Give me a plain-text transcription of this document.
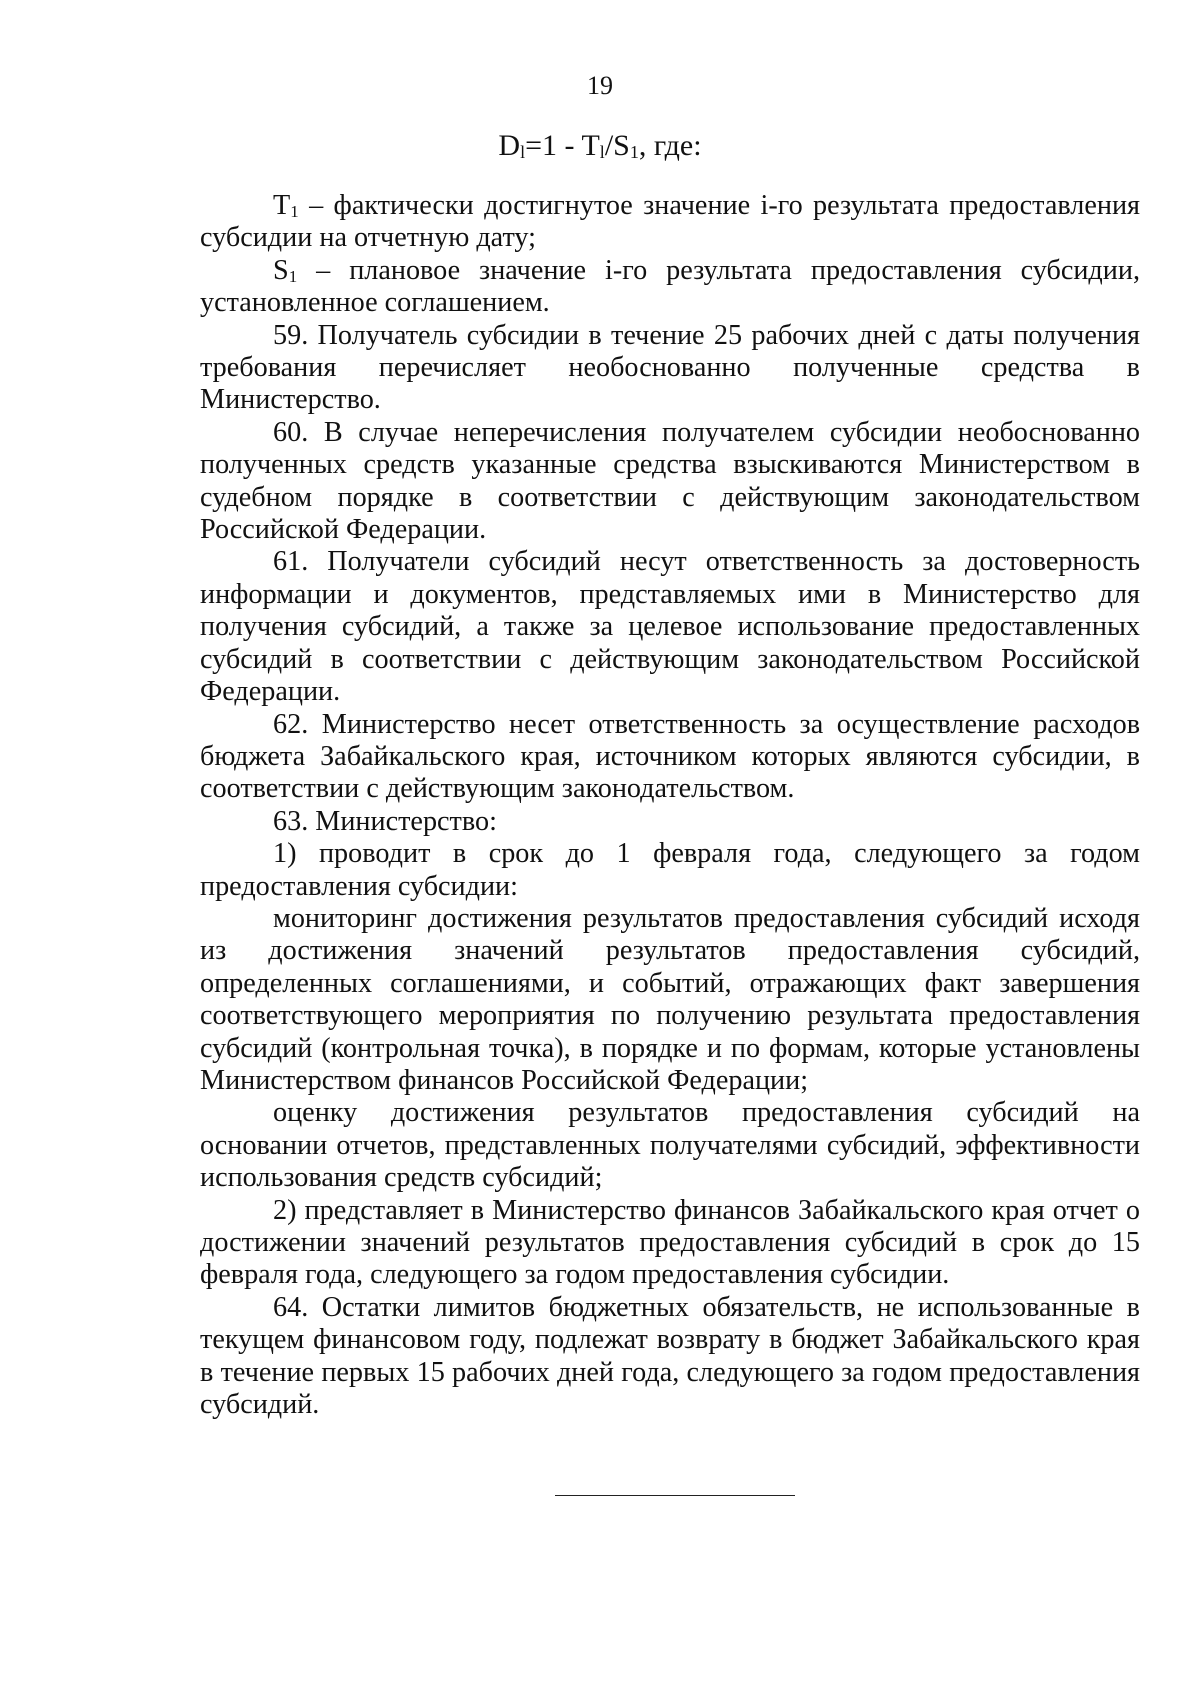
19
$D_l=1 - T_l/S_1$, где:

$T_1$ – фактически достигнутое значение i-го результата предоставления субсидии на отчетную дату;

$S_1$ – плановое значение i-го результата предоставления субсидии, установленное соглашением.

59. Получатель субсидии в течение 25 рабочих дней с даты получения требования перечисляет необоснованно полученные средства в Министерство.

60. В случае неперечисления получателем субсидии необоснованно полученных средств указанные средства взыскиваются Министерством в судебном порядке в соответствии с действующим законодательством Российской Федерации.

61. Получатели субсидий несут ответственность за достоверность информации и документов, представляемых ими в Министерство для получения субсидий, а также за целевое использование предоставленных субсидий в соответствии с действующим законодательством Российской Федерации.

62. Министерство несет ответственность за осуществление расходов бюджета Забайкальского края, источником которых являются субсидии, в соответствии с действующим законодательством.

63. Министерство:

1) проводит в срок до 1 февраля года, следующего за годом предоставления субсидии:

мониторинг достижения результатов предоставления субсидий исходя из достижения значений результатов предоставления субсидий, определенных соглашениями, и событий, отражающих факт завершения соответствующего мероприятия по получению результата предоставления субсидий (контрольная точка), в порядке и по формам, которые установлены Министерством финансов Российской Федерации;

оценку достижения результатов предоставления субсидий на основании отчетов, представленных получателями субсидий, эффективности использования средств субсидий;

2) представляет в Министерство финансов Забайкальского края отчет о достижении значений результатов предоставления субсидий в срок до 15 февраля года, следующего за годом предоставления субсидии.

64. Остатки лимитов бюджетных обязательств, не использованные в текущем финансовом году, подлежат возврату в бюджет Забайкальского края в течение первых 15 рабочих дней года, следующего за годом предоставления субсидий.
